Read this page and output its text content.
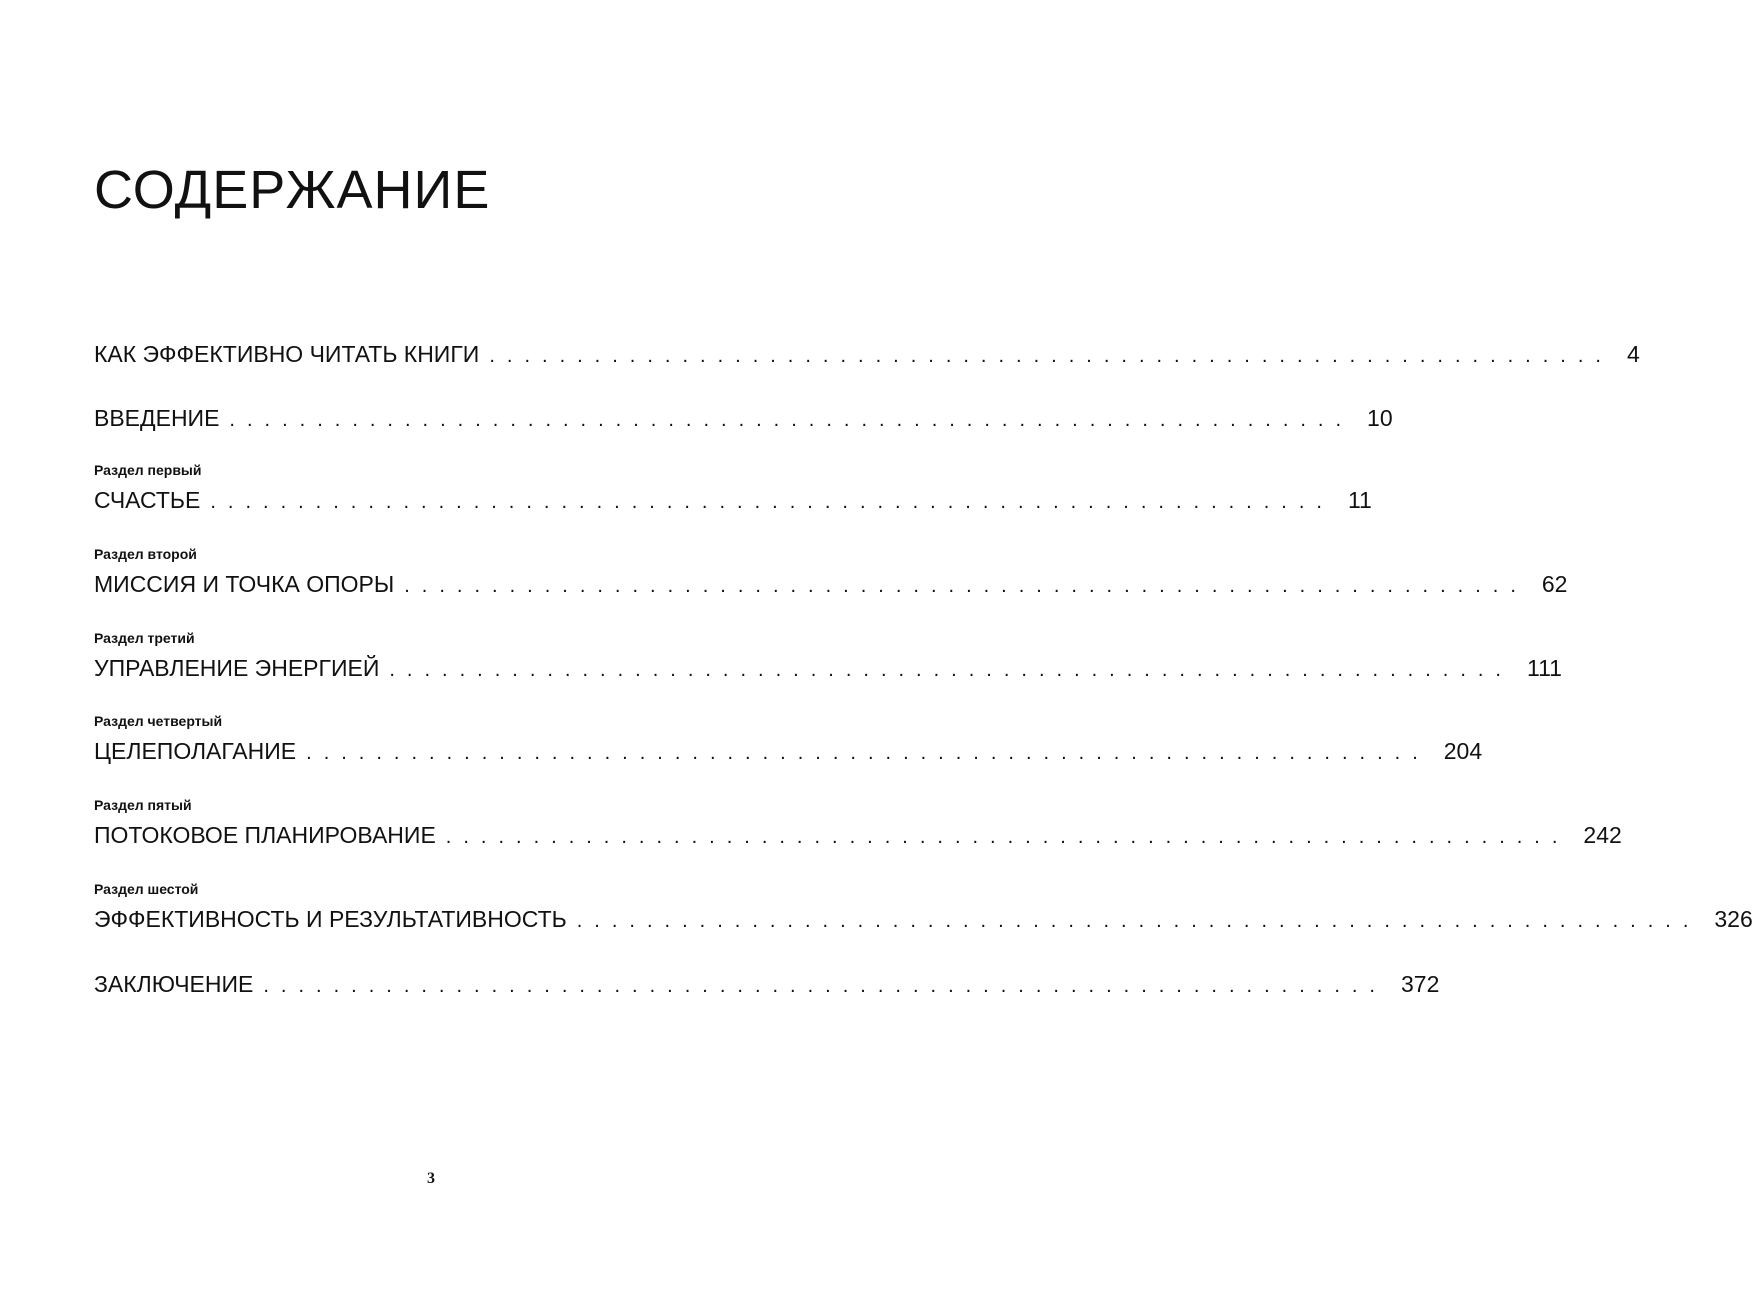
СОДЕРЖАНИЕ
КАК ЭФФЕКТИВНО ЧИТАТЬ КНИГИ ................................................................ 4
ВВЕДЕНИЕ ................................................................ 10
Раздел первый
СЧАСТЬЕ ................................................................ 11
Раздел второй
МИССИЯ И ТОЧКА ОПОРЫ ................................................................ 62
Раздел третий
УПРАВЛЕНИЕ ЭНЕРГИЕЙ ................................................................ 111
Раздел четвертый
ЦЕЛЕПОЛАГАНИЕ ................................................................ 204
Раздел пятый
ПОТОКОВОЕ ПЛАНИРОВАНИЕ ................................................................ 242
Раздел шестой
ЭФФЕКТИВНОСТЬ И РЕЗУЛЬТАТИВНОСТЬ ................................................................ 326
ЗАКЛЮЧЕНИЕ ................................................................ 372
3
